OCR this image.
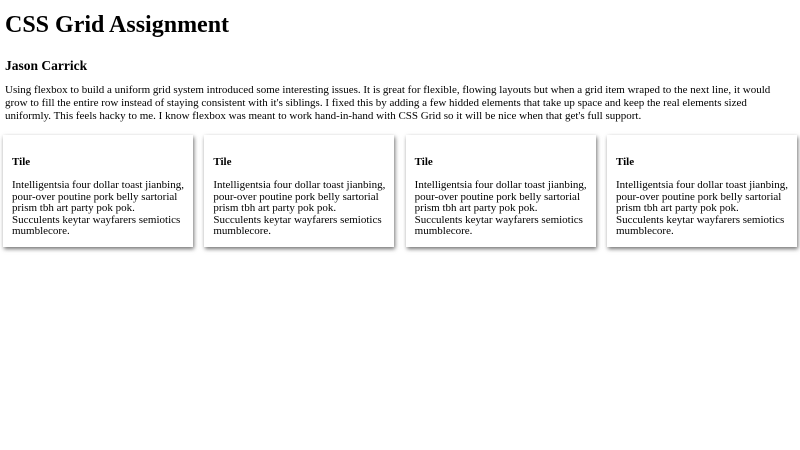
CSS Grid Assignment
Jason Carrick

Using flexbox to build a uniform grid system introduced some interesting issues. It is great for flexible, flowing layouts but when a grid item wraped to the next line, it would grow to fill the entire row instead of staying consistent with it's siblings. I fixed this by adding a few hidded elements that take up space and keep the real elements sized uniformly. This feels hacky to me. I know flexbox was meant to work hand-in-hand with CSS Grid so it will be nice when that get's full support.

Tile

Intelligentsia four dollar toast jianbing, pour-over poutine pork belly sartorial prism tbh art party pok pok. Succulents keytar wayfarers semiotics mumblecore.

Tile

Intelligentsia four dollar toast jianbing, pour-over poutine pork belly sartorial prism tbh art party pok pok. Succulents keytar wayfarers semiotics mumblecore.

Tile

Intelligentsia four dollar toast jianbing, pour-over poutine pork belly sartorial prism tbh art party pok pok. Succulents keytar wayfarers semiotics mumblecore.

Tile

Intelligentsia four dollar toast jianbing, pour-over poutine pork belly sartorial prism tbh art party pok pok. Succulents keytar wayfarers semiotics mumblecore.
